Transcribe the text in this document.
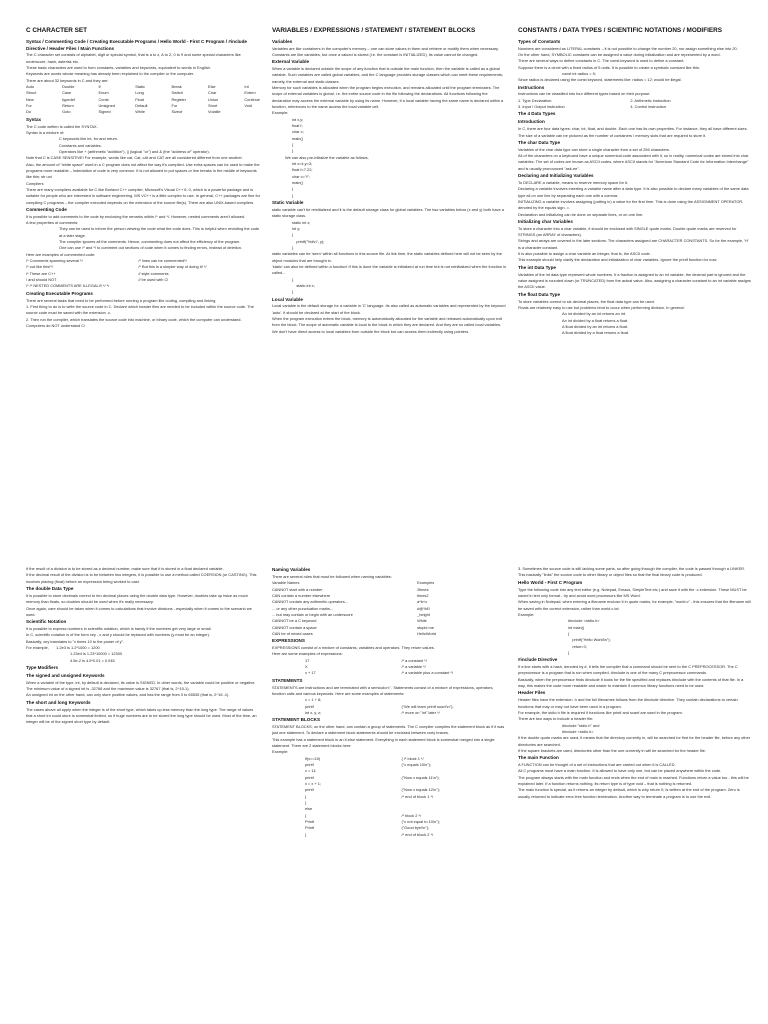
C CHARACTER SET
Syntax / Commenting Code / Creating Executable Programs / Hello World - First C Program / #include Directive / Header Files / Main Functions

The C character set consists of alphabet, digit or special symbol, that is a to z, A to Z, 0 to 9 and some special characters like underscore, hash, asterisk etc.

These basic characters are used to form constants, variables and keywords, equivalent to words in English.

Keywords are words whose meaning has already been explained to the compiler or the computer.

There are about 32 keywords in C and they are:

Auto	Double	If	Static	Break	Else	Int
Struct	Case	Enum	Long	Switch	Char	Extern
New	typedef	Const	Float	Register	Union	Continue
For	Return	Unsigned	Default	For	Short	Void
Do	Goto	Signed	While	Sizeof	Volatile	
Syntax

The C code written is called the SYNTAX.

Syntax is a mixture of:

C keywords like int, for and return.

Constants and variables.

Operators like + (arithmetic "addition"), || (logical "or") and & (the "address of" operator).

Note that C is CASE SENSITIVE! For example, words like cat, Cat, cAt and CAT are all considered different from one another.

Also, the amount of "white space" used in a C program does not affect the way it's compiled. Use extra spaces can be used to make the programs more readable – indentation of code is very common. It is not allowed to put spaces or line breaks in the middle of keywords like this: str uct

Compilers

There are many compilers available for C like Borland C++ compiler, Microsoft's Visual C++ 6. 0, which is a powerful package and is suitable for people who are interested in software engineering. MS VC++ is a little complex to use. In general, C++ packages are fine for compiling C programs – the compiler executed depends on the extension of the source file(s). There are also UNIX-based compilers.

Commenting Code

It is possible to add comments to the code by enclosing the remarks within /* and */. However, nested comments aren't allowed.

A few properties of comments:

They can be used to inform the person viewing the code what the code does. This is helpful when revisiting the code at a later stage.

The compiler ignores all the comments. Hence, commenting does not affect the efficiency of the program.

One can use /* and */ to comment out sections of code when it comes to finding errors, instead of deletion.

Here are examples of commented code:

/* Comments spanning several */	/* lines can be commented*/
/* out like this!*/	/* But this is a simpler way of doing it! */
/* These are C++	// style comments
/ and should NOT	// be used with C!

/* /* NESTED COMMENTS ARE ILLEGALI!! */ */

Creating Executable Programs

There are several tasks that need to be performed before running a program like coding, compiling and linking.

1. First thing to do is to write the source code in C. Declare which header files are needed to be included within the source code. The source code must be saved with the extension .c.

2. Then run the compiler, which translates the source code into machine, or binary code, which the computer can understand. Computers do NOT understand C!

VARIABLES / EXPRESSIONS / STATEMENT / STATEMENT BLOCKS
Variables

Variables are like containers in the computer's memory – one can store values in them and retrieve or modify them when necessary.

Constants are like variables, but once a valued is stored (i.e. the constant is INITIALIZED), its value cannot be changed.

External Variable

When a variable is declared outside the scope of any function that is outside the main function, then the variable is called as a global variable. Such variables are called global variables, and the C language provides storage classes which can meet these requirements; namely, the external and static classes.

Memory for such variables is allocated when the program begins execution, and remains allocated until the program terminates. The scope of external variables is global, i.e. the entire source code in the file following the declarations. All functions following the declaration may access the external variable by using its name. However, if a local variable having the same name is declared within a function, references to the name access the local variable cell.

Example:

int x,y;

float f;

char c;

main()

{

}

We can also pre-initialize the variable as follows,

int x=4,y=3;

float f=7.22;

char c='Y';

main()

{

}

Static Variable

static variable can't be reinitialized and it is the default storage class for global variables. The two variables below (x and y) both have a static storage class.

static int x;

int y;

{

printf("%d\n", y);

}

static variables can be 'seen' within all functions in this source file. At link time, the static variables defined here will not be seen by the object modules that are brought in.

'static' can also be defined within a function! If this is done the variable is initialized at run time but is not reinitialized when the function is called...

{

static int x;

}

Local Variable

Local variable is the default storage for a variable in 'C' language. Its also called as automatic variables and represented by the keyword 'auto'. It should be declared at the start of the block.

When the program execution enters the block, memory is automatically allocated for the variable and released automatically upon exit from the block. The scope of automatic variable is local to the block in which they are declared. And they are so called local variables. We don't have direct access to local variables from outside the block but can access them indirectly using pointers.

CONSTANTS / DATA TYPES / SCIENTIFIC NOTATIONS / MODIFIERS
Types of Constants

Numbers are considered as LITERAL constants – it is not possible to change the number 20, nor assign something else into 20.

On the other hand, SYMBOLIC constants can be assigned a value during initialization and are represented by a word.

There are several ways to define constants in C. The const keyword is used to define a constant.

Suppose there is a circle with a fixed radius of 5 units. It is possible to create a symbolic constant like this:

const int radius = 5;

Since radius is declared using the const keyword, statements like: radius = 12; would be illegal.

Instructions

Instructions can be classified into four different types based on their purpose:

1. Type Declaration	2. Arithmetic instruction
3. Input / Output instruction	4. Control instruction
The 4 Data Types
Introduction

In C, there are four data types: char, int, float, and double. Each one has its own properties. For instance, they all have different sizes. The size of a variable can be pictured as the number of containers / memory slots that are required to store it.

The char Data Type

Variables of the char data type can store a single character from a set of 256 characters.

All of the characters on a keyboard have a unique numerical code associated with it, so in reality, numerical codes are stored into char variables. The set of codes are known as ASCII codes, where ASCII stands for "American Standard Code for Information Interchange" and is usually pronounced "ask-ee".

Declaring and Initializing Variables

To DECLARE a variable, means to reserve memory space for it.

Declaring a variable involves inserting a variable name after a data type. It is also possible to declare many variables of the same data type all on one line by separating each one with a comma.

INITIALIZING a variable involves assigning (putting in) a value for the first time. This is done using the ASSIGNMENT OPERATOR, denoted by the equals sign, =.

Declaration and initializing can be done on separate lines, or on one line.

Initializing char Variables

To store a character into a char variable, it should be enclosed with SINGLE quote marks. Double quote marks are reserved for STRINGS (an ARRAY of characters).

Strings and arrays are covered in the later sections. The characters assigned are CHARACTER CONSTANTS. So for the example, 'H' is a character constant.

It is also possible to assign a char variable an integer, that is, the ASCII code.

This example should help clarify the declaration and initialization of char variables. Ignore the printf function for now.

The int Data Type

Variables of the int data type represent whole numbers. If a fraction is assigned to an int variable, the decimal part is ignored and the value assigned is rounded down (or TRUNCATED) from the actual value. Also, assigning a character constant to an int variable assigns the ASCII value.

The float Data Type

To store variables correct to six decimal places, the float data type can be used.

Floats are relatively easy to use but problems tend to occur when performing division. In general:

An int divided by an int returns an int.

An int divided by a float returns a float.

A float divided by an int returns a float.

A float divided by a float returns a float.

If the result of a division is to be stored as a decimal number, make sure that it is stored in a float declared variable.

If the decimal result of the division is to be between two integers, it is possible to use a method called COERSION (or CASTING). This involves placing (float) before an expression being worked to cast.

The double Data Type

It is possible to store decimals correct to ten decimal places using the double data type. However, doubles take up twice as much memory than floats, so doubles should be used when it's really necessary.

Once again, care should be taken when it comes to calculations that involve divisions - especially when it comes to the scenario we used.

Scientific Notation

It is possible to express numbers in scientific notation, which is handy if the numbers get very large or small.

In C, scientific notation is of the form xey - x and y should be replaced with numbers (y must be an integer).

Basically, xey translates to "x times 10 to the power of y".

For example,       1.2e3 is 1.2*1000 = 1200

1.23e4 is 1.23*10000 = 12300

4.5e-2 is 4.5*0.01 = 0.045

Type Modifiers
The signed and unsigned Keywords

When a variable of the type, int, by default is declared, its value is SIGNED. In other words, the variable could be positive or negative.

The minimum value of a signed int is -32768 and the maximum value is 32767 (that is, 2^15-1).

An unsigned int on the other hand, can only store positive values, and has the range from 0 to 65535 (that is, 2^16 -1).

The short and long Keywords

The cases above all apply when the integer is of the short type, which takes up less memory than the long type. The range of values that a short int could store is somewhat limited, so if huge numbers are to be stored the long type should be used. Most of the time, an integer will be of the signed short type by default.

Naming Variables

There are several rules that must be followed when naming variables:

Variable Names	Examples
CANNOT start with a number	2times
CAN contain a number elsewhere	times2
CANNOT contain any arithmetic operators...	a*b+c
... or any other punctuation marks...	#@%£!
... but may contain or begin with an underscore	_height
CANNOT be a C keyword	While
CANNOT contain a space	stupid me
CAN be of mixed cases	HelloWorld
EXPRESSIONS

EXPRESSIONS consist of a mixture of constants, variables and operators. They return values.

Here are some examples of expressions:

17	/* a constant */
X	/* a variable */
x + 17	/* a variable plus a constant */
STATEMENTS

STATEMENTS are instructions and are terminated with a semicolon';'. Statements consist of a mixture of expressions, operators, function calls and various keywords. Here are some examples of statements:

x = 1 + 8;
printf	("We will learn printf soon!\n");
int x, y, z;	/* more on "int" later */
STATEMENT BLOCKS

STATEMENT BLOCKS, on the other hand, can contain a group of statements. The C compiler compiles the statement block as if it was just one statement. To declare a statement block statements should be enclosed between curly braces.

This example has a statement block in an if-else statement. Everything in each statement block is somewhat merged into a single statement. There are 2 statement blocks here:

Example:

if(x==10)	{ /* block 1 */
printf	("x equals 10\n");
x = 11;
printf	("Now x equals 11\n");
x = x + 1;
printf	("Now x equals 12\n");
}	/* end of block 1 */
}
else
{	/* block 2 */
Printf	("x not equal to 10\n");
Printf	("Good bye!\n");
}	/* end of block 2 */

3. Sometimes the source code is still lacking some parts, so after going through the compiler, the code is passed through a LINKER. This basically "links" the source code to other library or object files so that the final binary code is produced.

Hello World - First C Program

Type the following code into any text editor (e.g. Notepad, Emacs, SimpleText etc.) and save it with the .c extension. These MUST be saved in text only format - try and avoid word processors like MS Word.

When saving in Notepad, when entering a filename enclose it in quote marks, for example, "world.c" - this ensures that the filename will be saved with the correct extension, rather than world.c.txt.

Example:

#include <stdio.h>

int main()

{

printf("Hello World\n");

return 0;

}

#include Directive

If a line starts with a hash, denoted by #, it tells the compiler that a command should be sent to the C PREPROCESSOR. The C preprocessor is a program that is run when compiled. #include is one of the many C preprocessor commands.

Basically, when the preprocessor finds #include it looks for the file specified and replaces #include with the contents of that file. In a way, this makes the code more readable and easier to maintain if common library functions need to be used.

Header Files

Header files have the extension .h and the full filenames follows from the #include directive. They contain declarations to certain functions that may or may not have been used in a program.

For example, the stdio.h file is required if functions like printf and scanf are used in the program.

There are two ways to include a header file:

#include "stdio.h" and

#include <stdio.h>

If the double quote marks are used, it means that the directory currently in, will be searched for first for the header file, before any other directories are searched.

If the square brackets are used, directories other than the one currently in will be searched for the header file.

The main Function

A FUNCTION can be thought of a set of instructions that are carried out when it is CALLED.

All C programs must have a main function. It is allowed to have only one, but can be placed anywhere within the code.

The program always starts with the main function and ends when the end of main is reached. Functions return a value too - this will be explained later. If a function returns nothing, its return type is of type void – that is nothing is returned.

The main function is special, as it returns an integer by default, which is why return 0; is written at the end of the program. Zero is usually returned to indicate error-free function termination. Another way to terminate a program is to use the exit.
